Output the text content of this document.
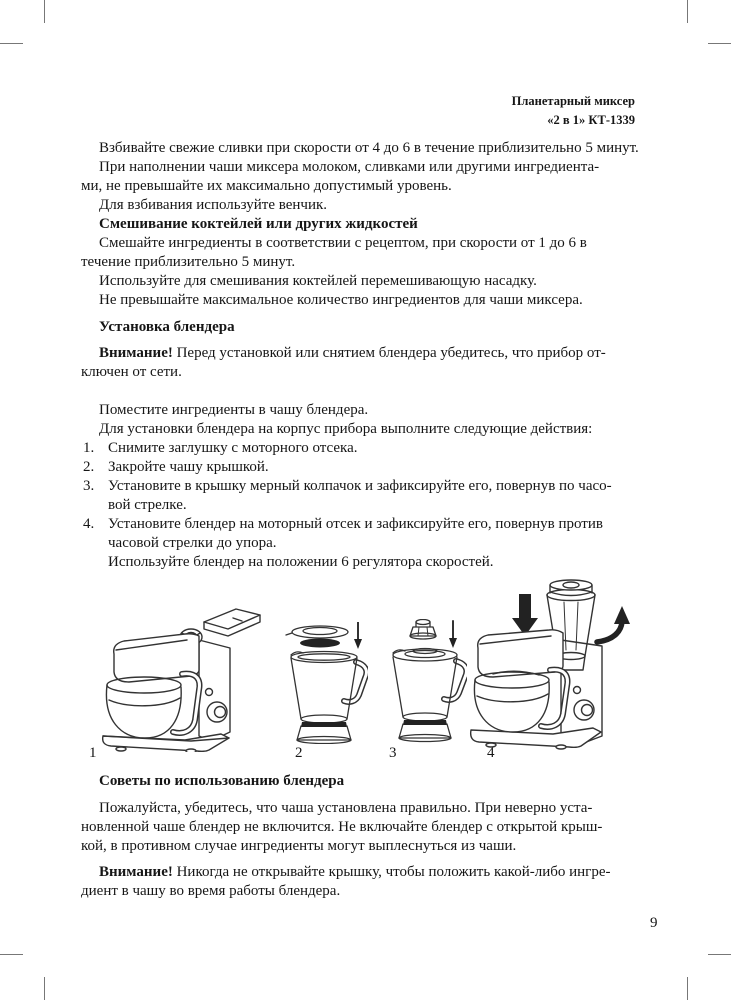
Планетарный миксер
«2 в 1» КТ-1339
Взбивайте свежие сливки при скорости от 4 до 6 в течение приблизительно 5 минут.
При наполнении чаши миксера молоком, сливками или другими ингредиента-
ми, не превышайте их максимально допустимый уровень.
Для взбивания используйте венчик.
Смешивание коктейлей или других жидкостей
Смешайте ингредиенты в соответствии с рецептом, при скорости от 1 до 6 в
течение приблизительно 5 минут.
Используйте для смешивания коктейлей перемешивающую насадку.
Не превышайте максимальное количество ингредиентов для чаши миксера.
Установка блендера
Внимание! Перед установкой или снятием блендера убедитесь, что прибор от-
ключен от сети.
Поместите ингредиенты в чашу блендера.
Для установки блендера на корпус прибора выполните следующие действия:
1. Снимите заглушку с моторного отсека.
2. Закройте чашу крышкой.
3. Установите в крышку мерный колпачок и зафиксируйте его, повернув по часо-
вой стрелке.
4. Установите блендер на моторный отсек и зафиксируйте его, повернув против
часовой стрелки до упора.
Используйте блендер на положении 6 регулятора скоростей.
1	2	3	4
Советы по использованию блендера
Пожалуйста, убедитесь, что чаша установлена правильно. При неверно уста-
новленной чаше блендер не включится. Не включайте блендер с открытой крыш-
кой, в противном случае ингредиенты могут выплеснуться из чаши.
Внимание! Никогда не открывайте крышку, чтобы положить какой-либо ингре-
диент в чашу во время работы блендера.
9
